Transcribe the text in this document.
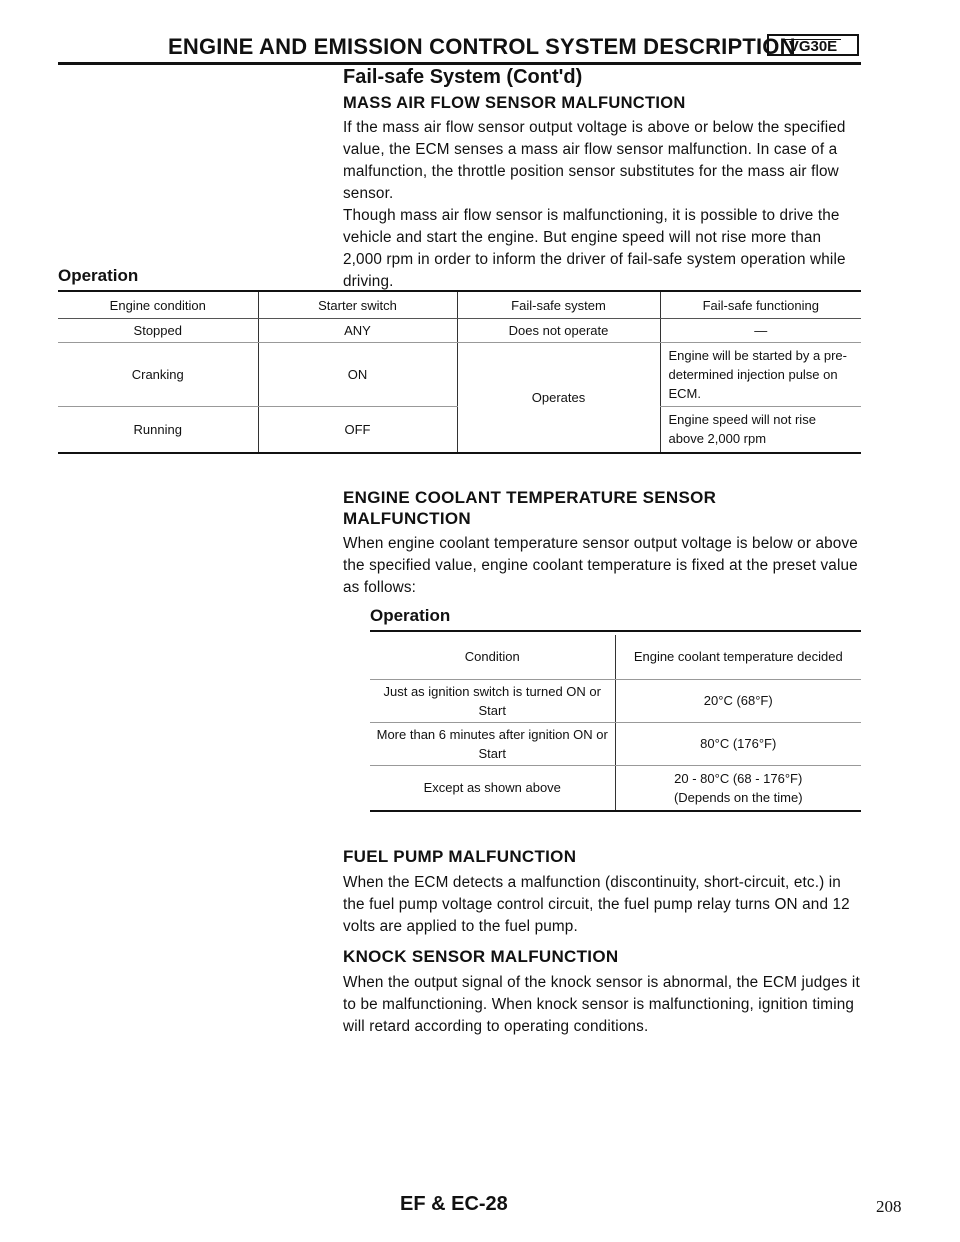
ENGINE AND EMISSION CONTROL SYSTEM DESCRIPTION
VG30E
Fail-safe System (Cont'd)
MASS AIR FLOW SENSOR MALFUNCTION

If the mass air flow sensor output voltage is above or below the specified value, the ECM senses a mass air flow sensor malfunction. In case of a malfunction, the throttle position sensor substitutes for the mass air flow sensor.

Though mass air flow sensor is malfunctioning, it is possible to drive the vehicle and start the engine. But engine speed will not rise more than 2,000 rpm in order to inform the driver of fail-safe system operation while driving.

Operation
Engine condition	Starter switch	Fail-safe system	Fail-safe functioning
Stopped	ANY	Does not operate	—
Cranking	ON	Operates	Engine will be started by a pre-determined injection pulse on ECM.
Running	OFF		Engine speed will not rise above 2,000 rpm
ENGINE COOLANT TEMPERATURE SENSOR
MALFUNCTION

When engine coolant temperature sensor output voltage is below or above the specified value, engine coolant temperature is fixed at the preset value as follows:

Operation
Condition	Engine coolant temperature decided
Just as ignition switch is turned ON or Start	20°C (68°F)
More than 6 minutes after ignition ON or Start	80°C (176°F)
Except as shown above	20 - 80°C (68 - 176°F)
(Depends on the time)
FUEL PUMP MALFUNCTION

When the ECM detects a malfunction (discontinuity, short-circuit, etc.) in the fuel pump voltage control circuit, the fuel pump relay turns ON and 12 volts are applied to the fuel pump.

KNOCK SENSOR MALFUNCTION

When the output signal of the knock sensor is abnormal, the ECM judges it to be malfunctioning. When knock sensor is malfunctioning, ignition timing will retard according to operating conditions.

EF & EC-28	208
